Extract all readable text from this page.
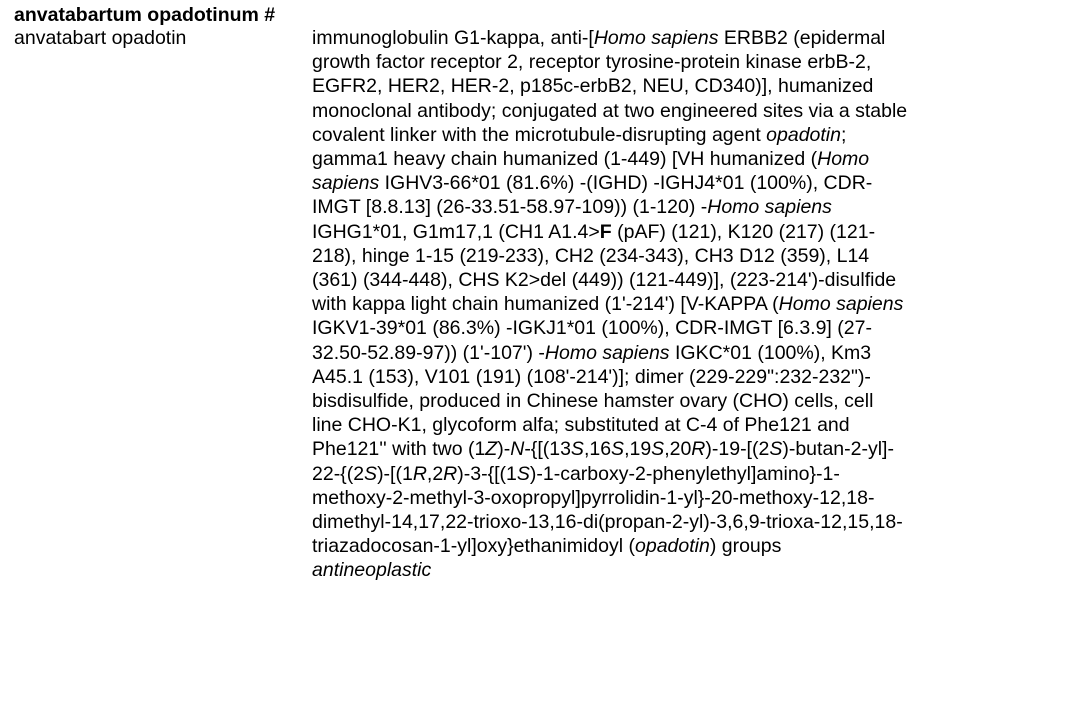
anvatabartum opadotinum #
anvatabart opadotin	immunoglobulin G1-kappa, anti-[Homo sapiens ERBB2 (epidermal
growth factor receptor 2, receptor tyrosine-protein kinase erbB-2,
EGFR2, HER2, HER-2, p185c-erbB2, NEU, CD340)], humanized
monoclonal antibody; conjugated at two engineered sites via a stable
covalent linker with the microtubule-disrupting agent opadotin;
gamma1 heavy chain humanized (1-449) [VH humanized (Homo
sapiens IGHV3-66*01 (81.6%) -(IGHD) -IGHJ4*01 (100%), CDR-
IMGT [8.8.13] (26-33.51-58.97-109)) (1-120) -Homo sapiens
IGHG1*01, G1m17,1 (CH1 A1.4>F (pAF) (121), K120 (217) (121-
218), hinge 1-15 (219-233), CH2 (234-343), CH3 D12 (359), L14
(361) (344-448), CHS K2>del (449)) (121-449)], (223-214')-disulfide
with kappa light chain humanized (1'-214') [V-KAPPA (Homo sapiens
IGKV1-39*01 (86.3%) -IGKJ1*01 (100%), CDR-IMGT [6.3.9] (27-
32.50-52.89-97)) (1'-107') -Homo sapiens IGKC*01 (100%), Km3
A45.1 (153), V101 (191) (108'-214')]; dimer (229-229":232-232")-
bisdisulfide, produced in Chinese hamster ovary (CHO) cells, cell
line CHO-K1, glycoform alfa; substituted at C-4 of Phe121 and
Phe121'' with two (1Z)-N-{[(13S,16S,19S,20R)-19-[(2S)-butan-2-yl]-
22-{(2S)-[(1R,2R)-3-{[(1S)-1-carboxy-2-phenylethyl]amino}-1-
methoxy-2-methyl-3-oxopropyl]pyrrolidin-1-yl}-20-methoxy-12,18-
dimethyl-14,17,22-trioxo-13,16-di(propan-2-yl)-3,6,9-trioxa-12,15,18-
triazadocosan-1-yl]oxy}ethanimidoyl (opadotin) groups
antineoplastic
